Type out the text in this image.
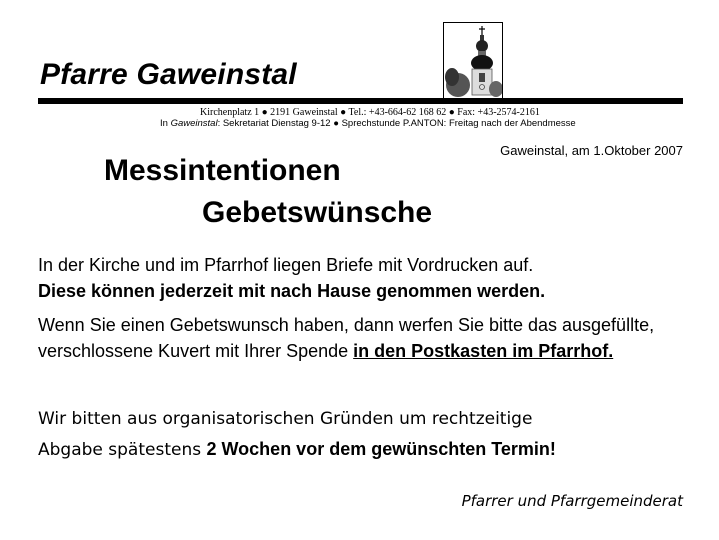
Pfarre Gaweinstal
Kirchenplatz 1 ● 2191 Gaweinstal ● Tel.: +43-664-62 168 62 ● Fax: +43-2574-2161
In Gaweinstal: Sekretariat Dienstag 9-12 ● Sprechstunde P.ANTON: Freitag nach der Abendmesse
Gaweinstal, am 1.Oktober 2007
Messintentionen
Gebetswünsche
In der Kirche und im Pfarrhof liegen Briefe mit Vordrucken auf.
Diese können jederzeit mit nach Hause genommen werden.
Wenn Sie einen Gebetswunsch haben, dann werfen Sie bitte das ausgefüllte, verschlossene Kuvert mit Ihrer Spende in den Postkasten im Pfarrhof.
Wir bitten aus organisatorischen Gründen um rechtzeitige
Abgabe spätestens 2 Wochen vor dem gewünschten Termin!
Pfarrer und Pfarrgemeinderat
